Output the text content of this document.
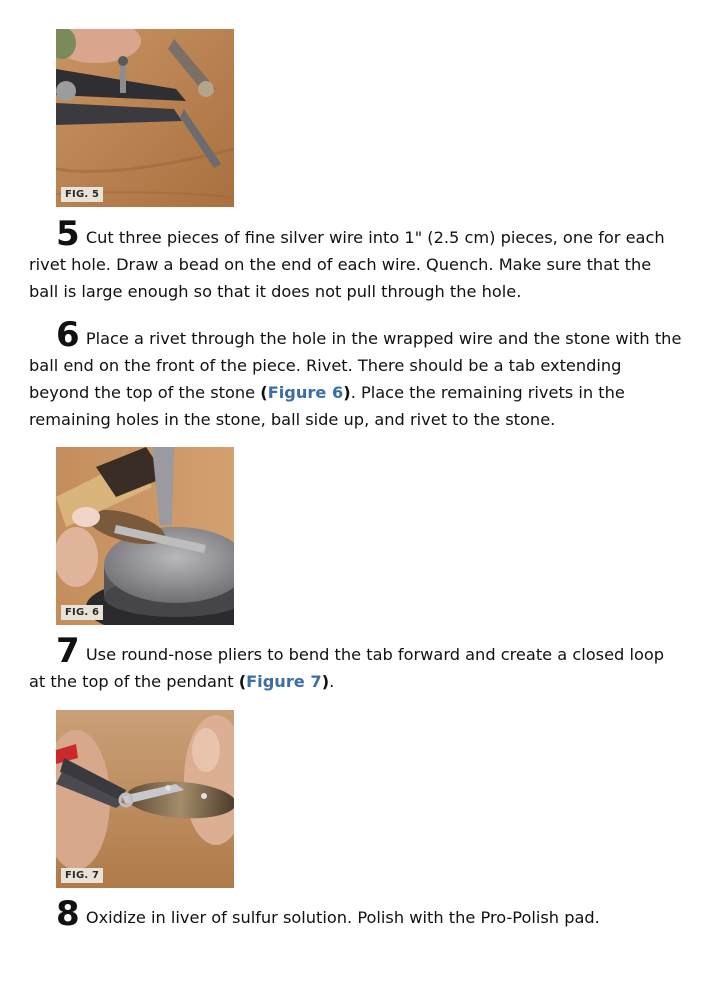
FIG. 5

5 Cut three pieces of fine silver wire into 1" (2.5 cm) pieces, one for each rivet hole. Draw a bead on the end of each wire. Quench. Make sure that the ball is large enough so that it does not pull through the hole.

6 Place a rivet through the hole in the wrapped wire and the stone with the ball end on the front of the piece. Rivet. There should be a tab extending beyond the top of the stone (Figure 6). Place the remaining rivets in the remaining holes in the stone, ball side up, and rivet to the stone.

FIG. 6

7 Use round-nose pliers to bend the tab forward and create a closed loop at the top of the pendant (Figure 7).

FIG. 7

8 Oxidize in liver of sulfur solution. Polish with the Pro-Polish pad.
